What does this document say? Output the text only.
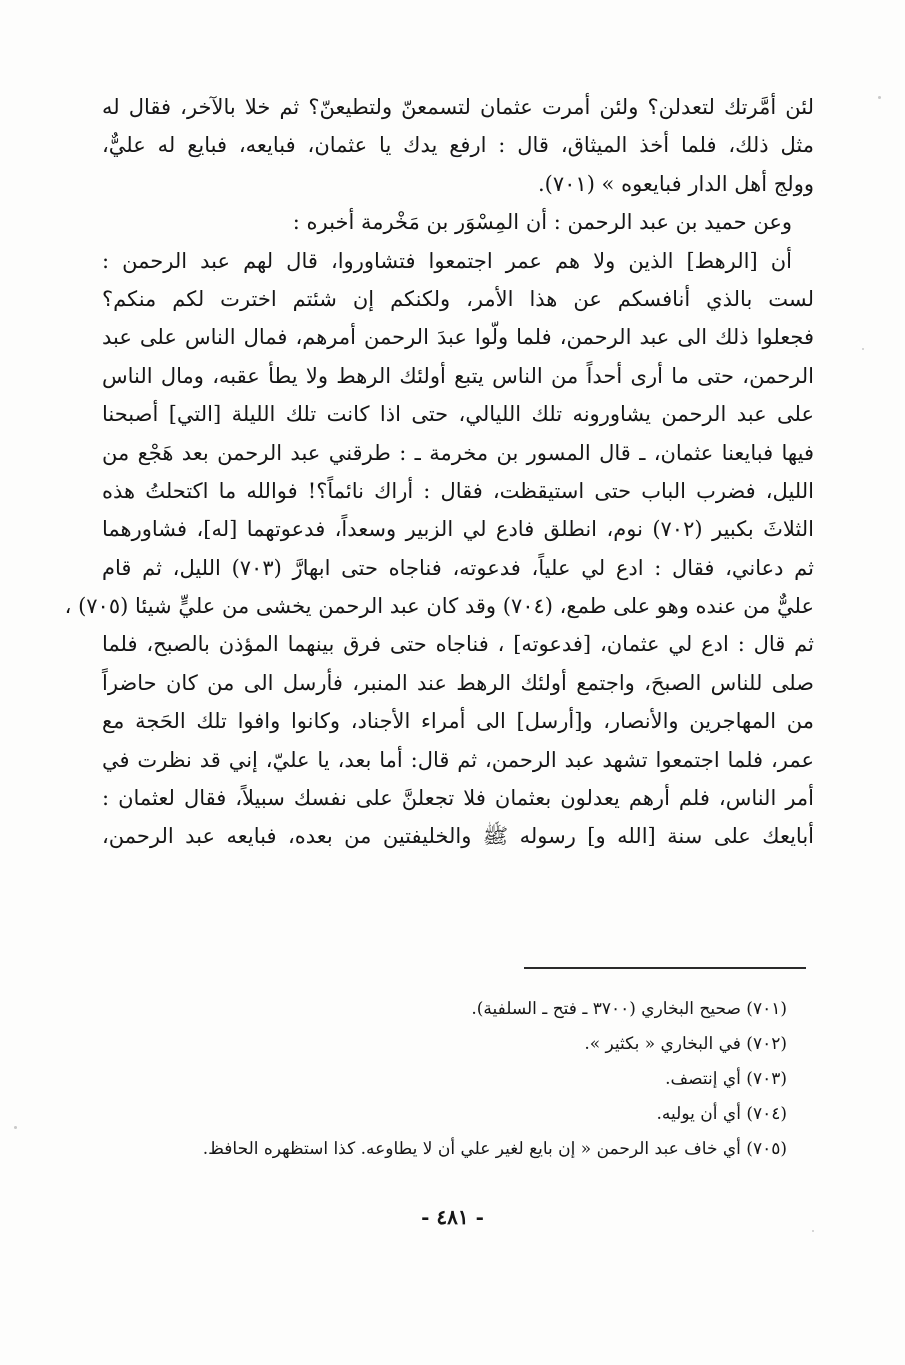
لئن أمَّرتك لتعدلن؟ ولئن أمرت عثمان لتسمعنّ ولتطيعنّ؟ ثم خلا بالآخر، فقال له
مثل ذلك، فلما أخذ الميثاق، قال : ارفع يدك يا عثمان، فبايعه، فبايع له عليٌّ،
وولج أهل الدار فبايعوه » (٧٠١).
وعن حميد بن عبد الرحمن : أن المِسْوَر بن مَخْرمة أخبره :
أن [الرهط] الذين ولا هم عمر اجتمعوا فتشاوروا، قال لهم عبد الرحمن :
لست بالذي أنافسكم عن هذا الأمر، ولكنكم إن شئتم اخترت لكم منكم؟
فجعلوا ذلك الى عبد الرحمن، فلما ولّوا عبدَ الرحمن أمرهم، فمال الناس على عبد
الرحمن، حتى ما أرى أحداً من الناس يتبع أولئك الرهط ولا يطأ عقبه، ومال الناس
على عبد الرحمن يشاورونه تلك الليالي، حتى اذا كانت تلك الليلة [التي] أصبحنا
فيها فبايعنا عثمان، ـ قال المسور بن مخرمة ـ : طرقني عبد الرحمن بعد هَجْع من
الليل، فضرب الباب حتى استيقظت، فقال : أراك نائماً؟! فوالله ما اكتحلتُ هذه
الثلاثَ بكبير (٧٠٢) نوم، انطلق فادع لي الزبير وسعداً، فدعوتهما [له]، فشاورهما
ثم دعاني، فقال : ادع لي علياً، فدعوته، فناجاه حتى ابهارَّ (٧٠٣) الليل، ثم قام
عليٌّ من عنده وهو على طمع، (٧٠٤) وقد كان عبد الرحمن يخشى من عليٍّ شيئا (٧٠٥) ،
ثم قال : ادع لي عثمان، [فدعوته] ، فناجاه حتى فرق بينهما المؤذن بالصبح، فلما
صلى للناس الصبحَ، واجتمع أولئك الرهط عند المنبر، فأرسل الى من كان حاضراً
من المهاجرين والأنصار، و[أرسل] الى أمراء الأجناد، وكانوا وافوا تلك الحَجة مع
عمر، فلما اجتمعوا تشهد عبد الرحمن، ثم قال: أما بعد، يا عليّ، إني قد نظرت في
أمر الناس، فلم أرهم يعدلون بعثمان فلا تجعلنَّ على نفسك سبيلاً، فقال لعثمان :
أبايعك على سنة [الله و] رسوله ﷺ والخليفتين من بعده، فبايعه عبد الرحمن،
(٧٠١) صحيح البخاري (٣٧٠٠ ـ فتح ـ السلفية).
(٧٠٢) في البخاري « بكثير ».
(٧٠٣) أي إنتصف.
(٧٠٤) أي أن يوليه.
(٧٠٥) أي خاف عبد الرحمن « إن بايع لغير علي أن لا يطاوعه. كذا استظهره الحافظ.
- ٤٨١ -
